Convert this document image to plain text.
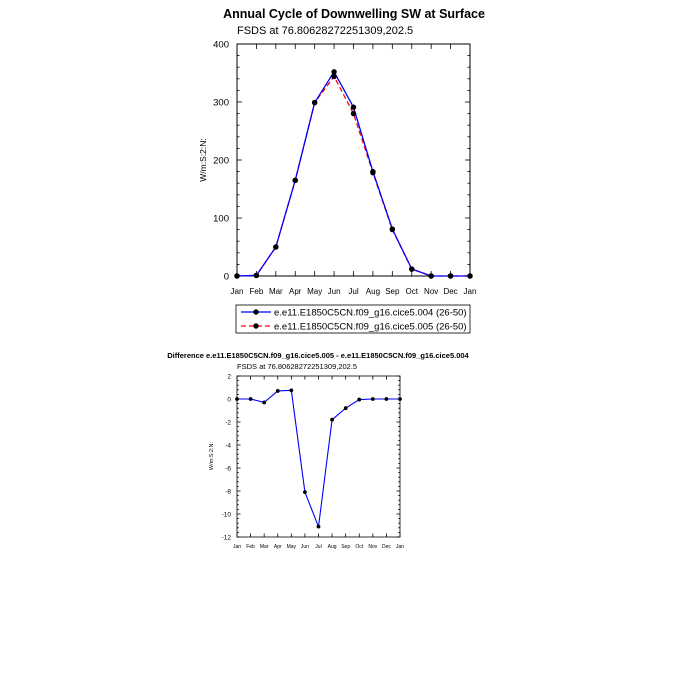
Annual Cycle of Downwelling SW at Surface
FSDS at 76.80628272251309,202.5
W/m:S:2:N:
0
100
200
300
400
Jan Feb Mar Apr May Jun Jul Aug Sep Oct Nov Dec Jan
e.e11.E1850C5CN.f09_g16.cice5.004 (26-50)
e.e11.E1850C5CN.f09_g16.cice5.005 (26-50)
Difference e.e11.E1850C5CN.f09_g16.cice5.005 - e.e11.E1850C5CN.f09_g16.cice5.004
FSDS at 76.80628272251309,202.5
W/m:S:2:N:
-12
-10
-8
-6
-4
-2
0
2
Jan Feb Mar Apr May Jun Jul Aug Sep Oct Nov Dec Jan
